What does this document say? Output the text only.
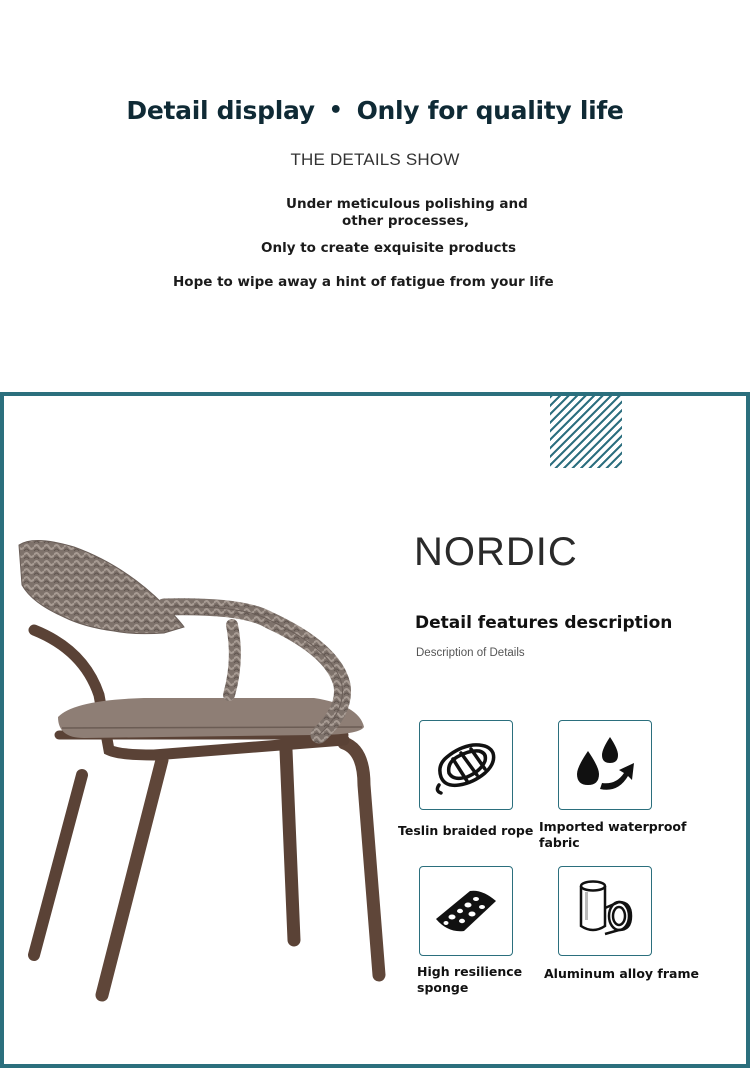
Detail display • Only for quality life
THE DETAILS SHOW
Under meticulous polishing and
other processes,
Only to create exquisite products
Hope to wipe away a hint of fatigue from your life
NORDIC
Detail features description
Description of Details
Teslin braided rope Imported waterproof fabric
High resilience sponge
Aluminum alloy frame
